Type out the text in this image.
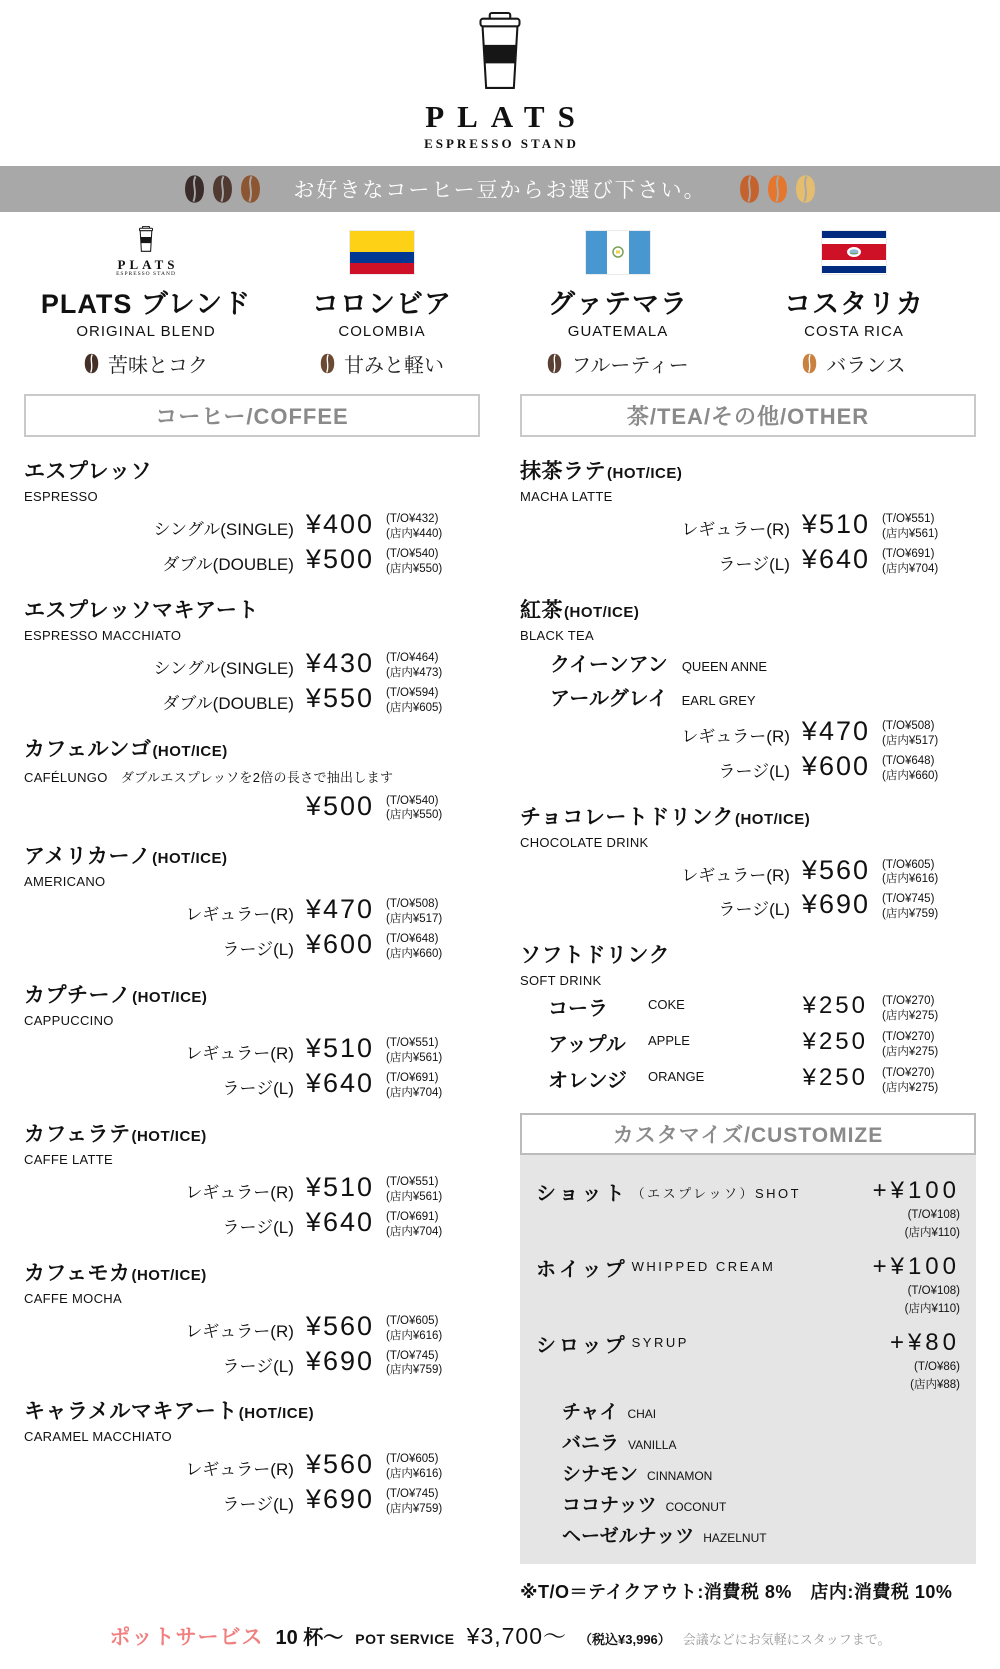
PLATS
ESPRESSO STAND
お好きなコーヒー豆からお選び下さい。
PLATS
ESPRESSO STAND
PLATS ブレンド
ORIGINAL BLEND
苦味とコク
コロンビア
COLOMBIA
甘みと軽い
グァテマラ
GUATEMALA
フルーティー
コスタリカ
COSTA RICA
バランス
コーヒー/COFFEE
エスプレッソ
ESPRESSO
シングル(SINGLE) ¥400 (T/O¥432)
(店内¥440)
ダブル(DOUBLE) ¥500 (T/O¥540)
(店内¥550)
エスプレッソマキアート
ESPRESSO MACCHIATO
シングル(SINGLE) ¥430 (T/O¥464)
(店内¥473)
ダブル(DOUBLE) ¥550 (T/O¥594)
(店内¥605)
カフェルンゴ(HOT/ICE)
CAFÉLUNGO　ダブルエスプレッソを2倍の長さで抽出します
¥500 (T/O¥540)
(店内¥550)
アメリカーノ(HOT/ICE)
AMERICANO
レギュラー(R) ¥470 (T/O¥508)
(店内¥517)
ラージ(L) ¥600 (T/O¥648)
(店内¥660)
カプチーノ(HOT/ICE)
CAPPUCCINO
レギュラー(R) ¥510 (T/O¥551)
(店内¥561)
ラージ(L) ¥640 (T/O¥691)
(店内¥704)
カフェラテ(HOT/ICE)
CAFFE LATTE
レギュラー(R) ¥510 (T/O¥551)
(店内¥561)
ラージ(L) ¥640 (T/O¥691)
(店内¥704)
カフェモカ(HOT/ICE)
CAFFE MOCHA
レギュラー(R) ¥560 (T/O¥605)
(店内¥616)
ラージ(L) ¥690 (T/O¥745)
(店内¥759)
キャラメルマキアート(HOT/ICE)
CARAMEL MACCHIATO
レギュラー(R) ¥560 (T/O¥605)
(店内¥616)
ラージ(L) ¥690 (T/O¥745)
(店内¥759)
茶/TEA/その他/OTHER
抹茶ラテ(HOT/ICE)
MACHA LATTE
レギュラー(R) ¥510 (T/O¥551)
(店内¥561)
ラージ(L) ¥640 (T/O¥691)
(店内¥704)
紅茶(HOT/ICE)
BLACK TEA
クイーンアン QUEEN ANNE
アールグレイ EARL GREY
レギュラー(R) ¥470 (T/O¥508)
(店内¥517)
ラージ(L) ¥600 (T/O¥648)
(店内¥660)
チョコレートドリンク(HOT/ICE)
CHOCOLATE DRINK
レギュラー(R) ¥560 (T/O¥605)
(店内¥616)
ラージ(L) ¥690 (T/O¥745)
(店内¥759)
ソフトドリンク
SOFT DRINK
コーラ	COKE	¥250 (T/O¥270)
(店内¥275)
アップル	APPLE	¥250 (T/O¥270)
(店内¥275)
オレンジ	ORANGE	¥250 (T/O¥270)
(店内¥275)
カスタマイズ/CUSTOMIZE
ショット （エスプレッソ）SHOT	+¥100
(T/O¥108)
(店内¥110)
ホイップ WHIPPED CREAM	+¥100
(T/O¥108)
(店内¥110)
シロップ SYRUP	+¥80
(T/O¥86)
(店内¥88)
チャイ CHAI
バニラ VANILLA
シナモン CINNAMON
ココナッツ COCONUT
ヘーゼルナッツ HAZELNUT
※T/O＝テイクアウト:消費税 8%　店内:消費税 10%
ポットサービス 10 杯～ POT SERVICE ¥3,700～ （税込¥3,996） 会議などにお気軽にスタッフまで。
